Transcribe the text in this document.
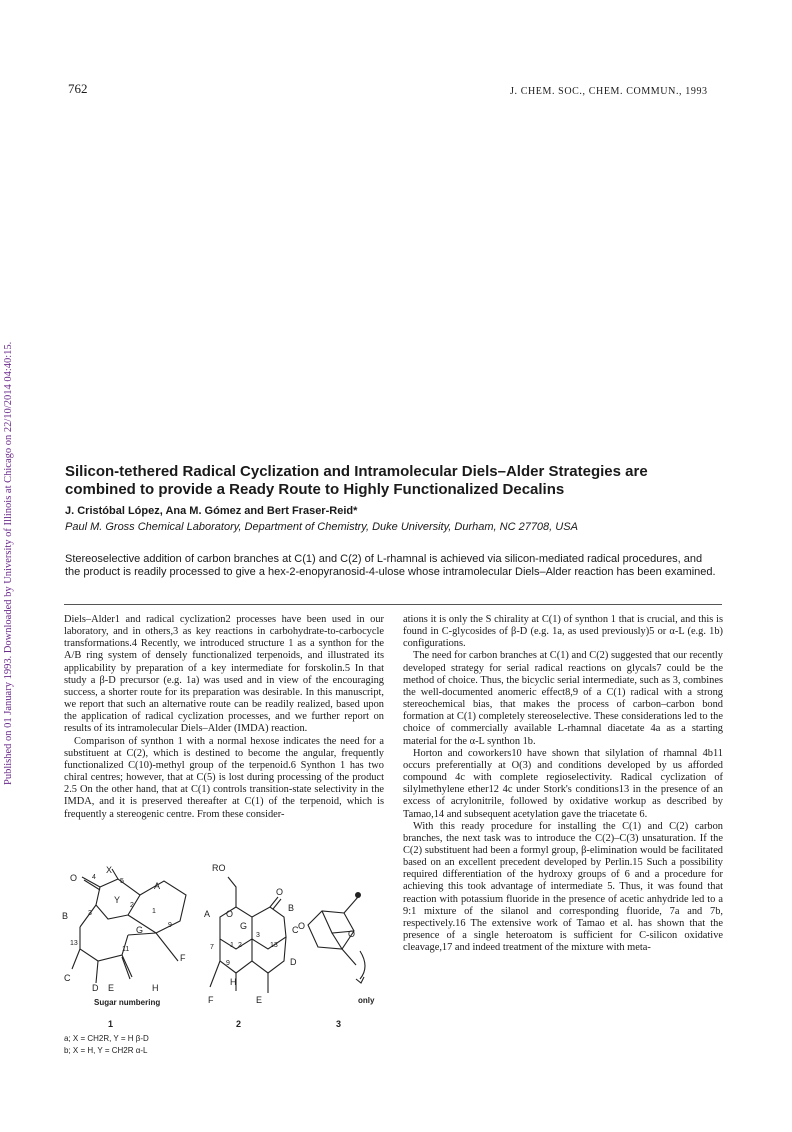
Published on 01 January 1993. Downloaded by University of Illinois at Chicago on 22/10/2014 04:40:15.
762	J. CHEM. SOC., CHEM. COMMUN., 1993
Silicon-tethered Radical Cyclization and Intramolecular Diels–Alder Strategies are combined to provide a Ready Route to Highly Functionalized Decalins
J. Cristóbal López, Ana M. Gómez and Bert Fraser-Reid*
Paul M. Gross Chemical Laboratory, Department of Chemistry, Duke University, Durham, NC 27708, USA

Stereoselective addition of carbon branches at C(1) and C(2) of L-rhamnal is achieved via silicon-mediated radical procedures, and the product is readily processed to give a hex-2-enopyranosid-4-ulose whose intramolecular Diels–Alder reaction has been examined.

Diels–Alder1 and radical cyclization2 processes have been used in our laboratory, and in others,3 as key reactions in carbohydrate-to-carbocycle transformations.4 Recently, we introduced structure 1 as a synthon for the A/B ring system of densely functionalized terpenoids, and illustrated its applicability by preparation of a key intermediate for forskolin.5 In that study a β-D precursor (e.g. 1a) was used and in view of the encouraging success, a shorter route for its preparation was desirable. In this manuscript, we report that such an alternative route can be readily realized, based upon the application of radical cyclization processes, and we further report on results of its intramolecular Diels–Alder (IMDA) reaction.

Comparison of synthon 1 with a normal hexose indicates the need for a substituent at C(2), which is destined to become the angular, frequently functionalized C(10)-methyl group of the terpenoid.6 Synthon 1 has two chiral centres; however, that at C(5) is lost during processing of the product 2.5 On the other hand, that at C(1) controls transition-state selectivity in the IMDA, and it is preserved thereafter at C(1) of the terpenoid, which is frequently a stereogenic centre. From these consider-

ations it is only the S chirality at C(1) of synthon 1 that is crucial, and this is found in C-glycosides of β-D (e.g. 1a, as used previously)5 or α-L (e.g. 1b) configurations.

The need for carbon branches at C(1) and C(2) suggested that our recently developed strategy for serial radical reactions on glycals7 could be the method of choice. Thus, the bicyclic serial intermediate, such as 3, combines the well-documented anomeric effect8,9 of a C(1) radical with a strong stereochemical bias, that makes the process of carbon–carbon bond formation at C(1) completely stereoselective. These considerations led to the choice of commercially available L-rhamnal diacetate 4a as a starting material for the α-L synthon 1b.

Horton and coworkers10 have shown that silylation of rhamnal 4b11 occurs preferentially at O(3) and conditions developed by us afforded compound 4c with complete regioselectivity. Radical cyclization of silylmethylene ether12 4c under Stork's conditions13 in the presence of an excess of acrylonitrile, followed by oxidative workup as described by Tamao,14 and subsequent acetylation gave the triacetate 6.

With this ready procedure for installing the C(1) and C(2) carbon branches, the next task was to introduce the C(2)–C(3) unsaturation. If the C(2) substituent had been a formyl group, β-elimination would be facilitated based on an excellent precedent developed by Perlin.15 Such a possibility required differentiation of the hydroxy groups of 6 and a procedure for achieving this took advantage of intermediate 5. Thus, it was found that reaction with potassium fluoride in the presence of acetic anhydride led to a 9:1 mixture of the silanol and corresponding fluoride, 7a and 7b, respectively.16 The extensive work of Tamao et al. has shown that the presence of a single heteroatom is sufficient for C-silicon oxidative cleavage,17 and indeed treatment of the mixture with meta-

O
X
4
5	A
Y
2
1
B	3
G	9
13
11
F
C
D E	H
Sugar numbering
RO
A O
O
B
G	C
7 1 2
3
13
9	D
H
F	E
O
O
only
1	2	3
a; X = CH2R, Y = H β-D
b; X = H, Y = CH2R α-L
